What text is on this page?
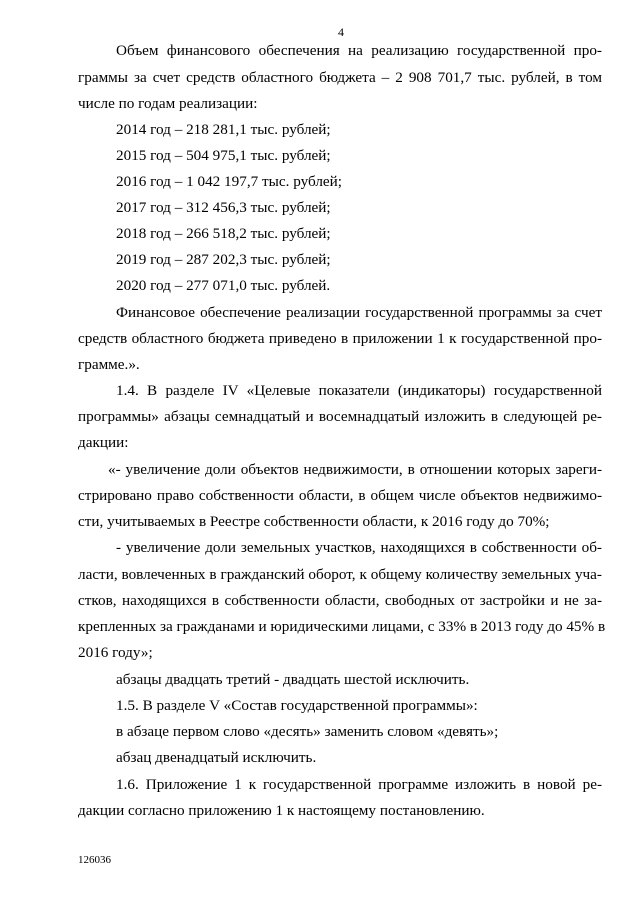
4
Объем финансового обеспечения на реализацию государственной про-
граммы за счет средств областного бюджета – 2 908 701,7 тыс. рублей, в том
числе по годам реализации:
2014 год – 218 281,1 тыс. рублей;
2015 год – 504 975,1 тыс. рублей;
2016 год – 1 042 197,7 тыс. рублей;
2017 год – 312 456,3 тыс. рублей;
2018 год – 266 518,2 тыс. рублей;
2019 год – 287 202,3 тыс. рублей;
2020 год – 277 071,0 тыс. рублей.
Финансовое обеспечение реализации государственной программы за счет
средств областного бюджета приведено в приложении 1 к государственной про-
грамме.».
1.4. В разделе IV «Целевые показатели (индикаторы) государственной
программы» абзацы семнадцатый и восемнадцатый изложить в следующей ре-
дакции:
«- увеличение доли объектов недвижимости, в отношении которых зареги-
стрировано право собственности области, в общем числе объектов недвижимо-
сти, учитываемых в Реестре собственности области, к 2016 году до 70%;
- увеличение доли земельных участков, находящихся в собственности об-
ласти, вовлеченных в гражданский оборот, к общему количеству земельных уча-
стков, находящихся в собственности области, свободных от застройки и не за-
крепленных за гражданами и юридическими лицами, с 33% в 2013 году до 45% в
2016 году»;
абзацы двадцать третий - двадцать шестой исключить.
1.5. В разделе V «Состав государственной программы»:
в абзаце первом слово «десять» заменить словом «девять»;
абзац двенадцатый исключить.
1.6. Приложение 1 к государственной программе изложить в новой ре-
дакции согласно приложению 1 к настоящему постановлению.
126036
